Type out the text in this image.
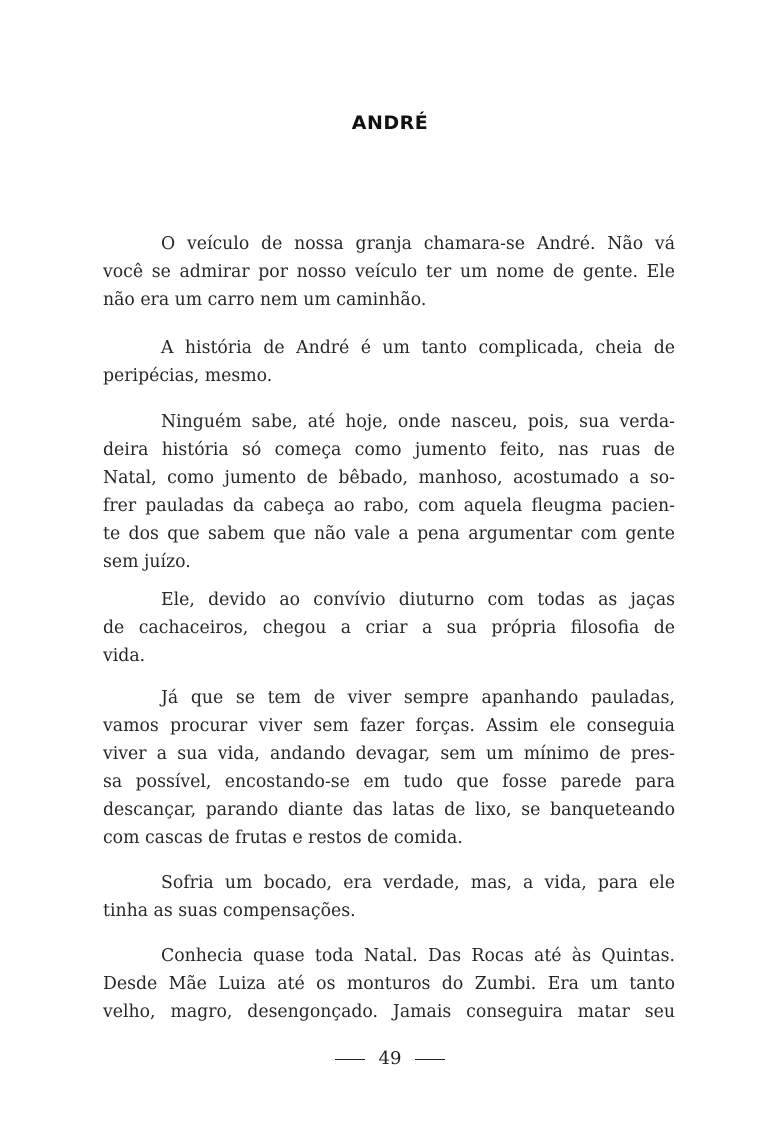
ANDRÉ
O veículo de nossa granja chamara-se André. Não vá
você se admirar por nosso veículo ter um nome de gente. Ele
não era um carro nem um caminhão.
A história de André é um tanto complicada, cheia de
peripécias, mesmo.
Ninguém sabe, até hoje, onde nasceu, pois, sua verda-
deira história só começa como jumento feito, nas ruas de
Natal, como jumento de bêbado, manhoso, acostumado a so-
frer pauladas da cabeça ao rabo, com aquela fleugma pacien-
te dos que sabem que não vale a pena argumentar com gente
sem juízo.
Ele, devido ao convívio diuturno com todas as jaças
de cachaceiros, chegou a criar a sua própria filosofia de
vida.
Já que se tem de viver sempre apanhando pauladas,
vamos procurar viver sem fazer forças. Assim ele conseguia
viver a sua vida, andando devagar, sem um mínimo de pres-
sa possível, encostando-se em tudo que fosse parede para
descançar, parando diante das latas de lixo, se banqueteando
com cascas de frutas e restos de comida.
Sofria um bocado, era verdade, mas, a vida, para ele
tinha as suas compensações.
Conhecia quase toda Natal. Das Rocas até às Quintas.
Desde Mãe Luiza até os monturos do Zumbi. Era um tanto
velho, magro, desengonçado. Jamais conseguira matar seu
49
